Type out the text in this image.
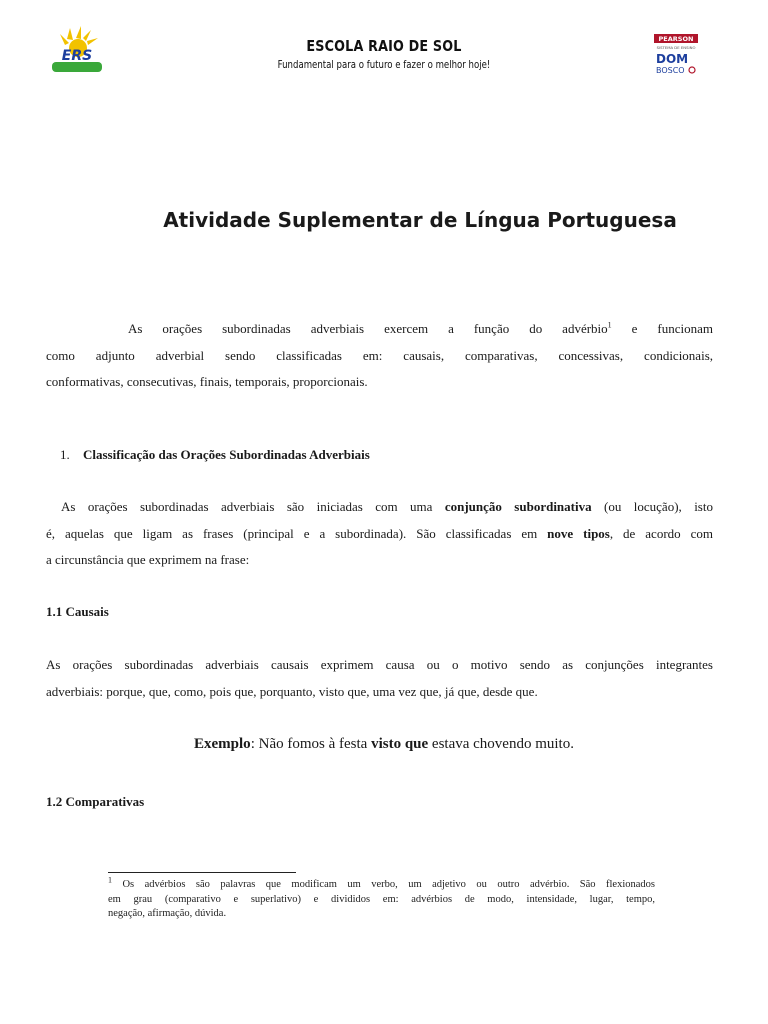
ERS
ESCOLA RAIO DE SOL
Fundamental para o futuro e fazer o melhor hoje!
PEARSON
SISTEMA DE ENSINO
DOM
BOSCO
Atividade Suplementar de Língua Portuguesa
As orações subordinadas adverbiais exercem a função do advérbio$^1$ e funcionam
como adjunto adverbial sendo classificadas em: causais, comparativas, concessivas, condicionais,
conformativas, consecutivas, finais, temporais, proporcionais.
1. Classificação das Orações Subordinadas Adverbiais
As orações subordinadas adverbiais são iniciadas com uma conjunção subordinativa (ou locução), isto
é, aquelas que ligam as frases (principal e a subordinada). São classificadas em nove tipos, de acordo com
a circunstância que exprimem na frase:
1.1 Causais
As orações subordinadas adverbiais causais exprimem causa ou o motivo sendo as conjunções integrantes
adverbiais: porque, que, como, pois que, porquanto, visto que, uma vez que, já que, desde que.
Exemplo: Não fomos à festa visto que estava chovendo muito.
1.2 Comparativas
$^1$ Os advérbios são palavras que modificam um verbo, um adjetivo ou outro advérbio. São flexionados
em grau (comparativo e superlativo) e divididos em: advérbios de modo, intensidade, lugar, tempo,
negação, afirmação, dúvida.
